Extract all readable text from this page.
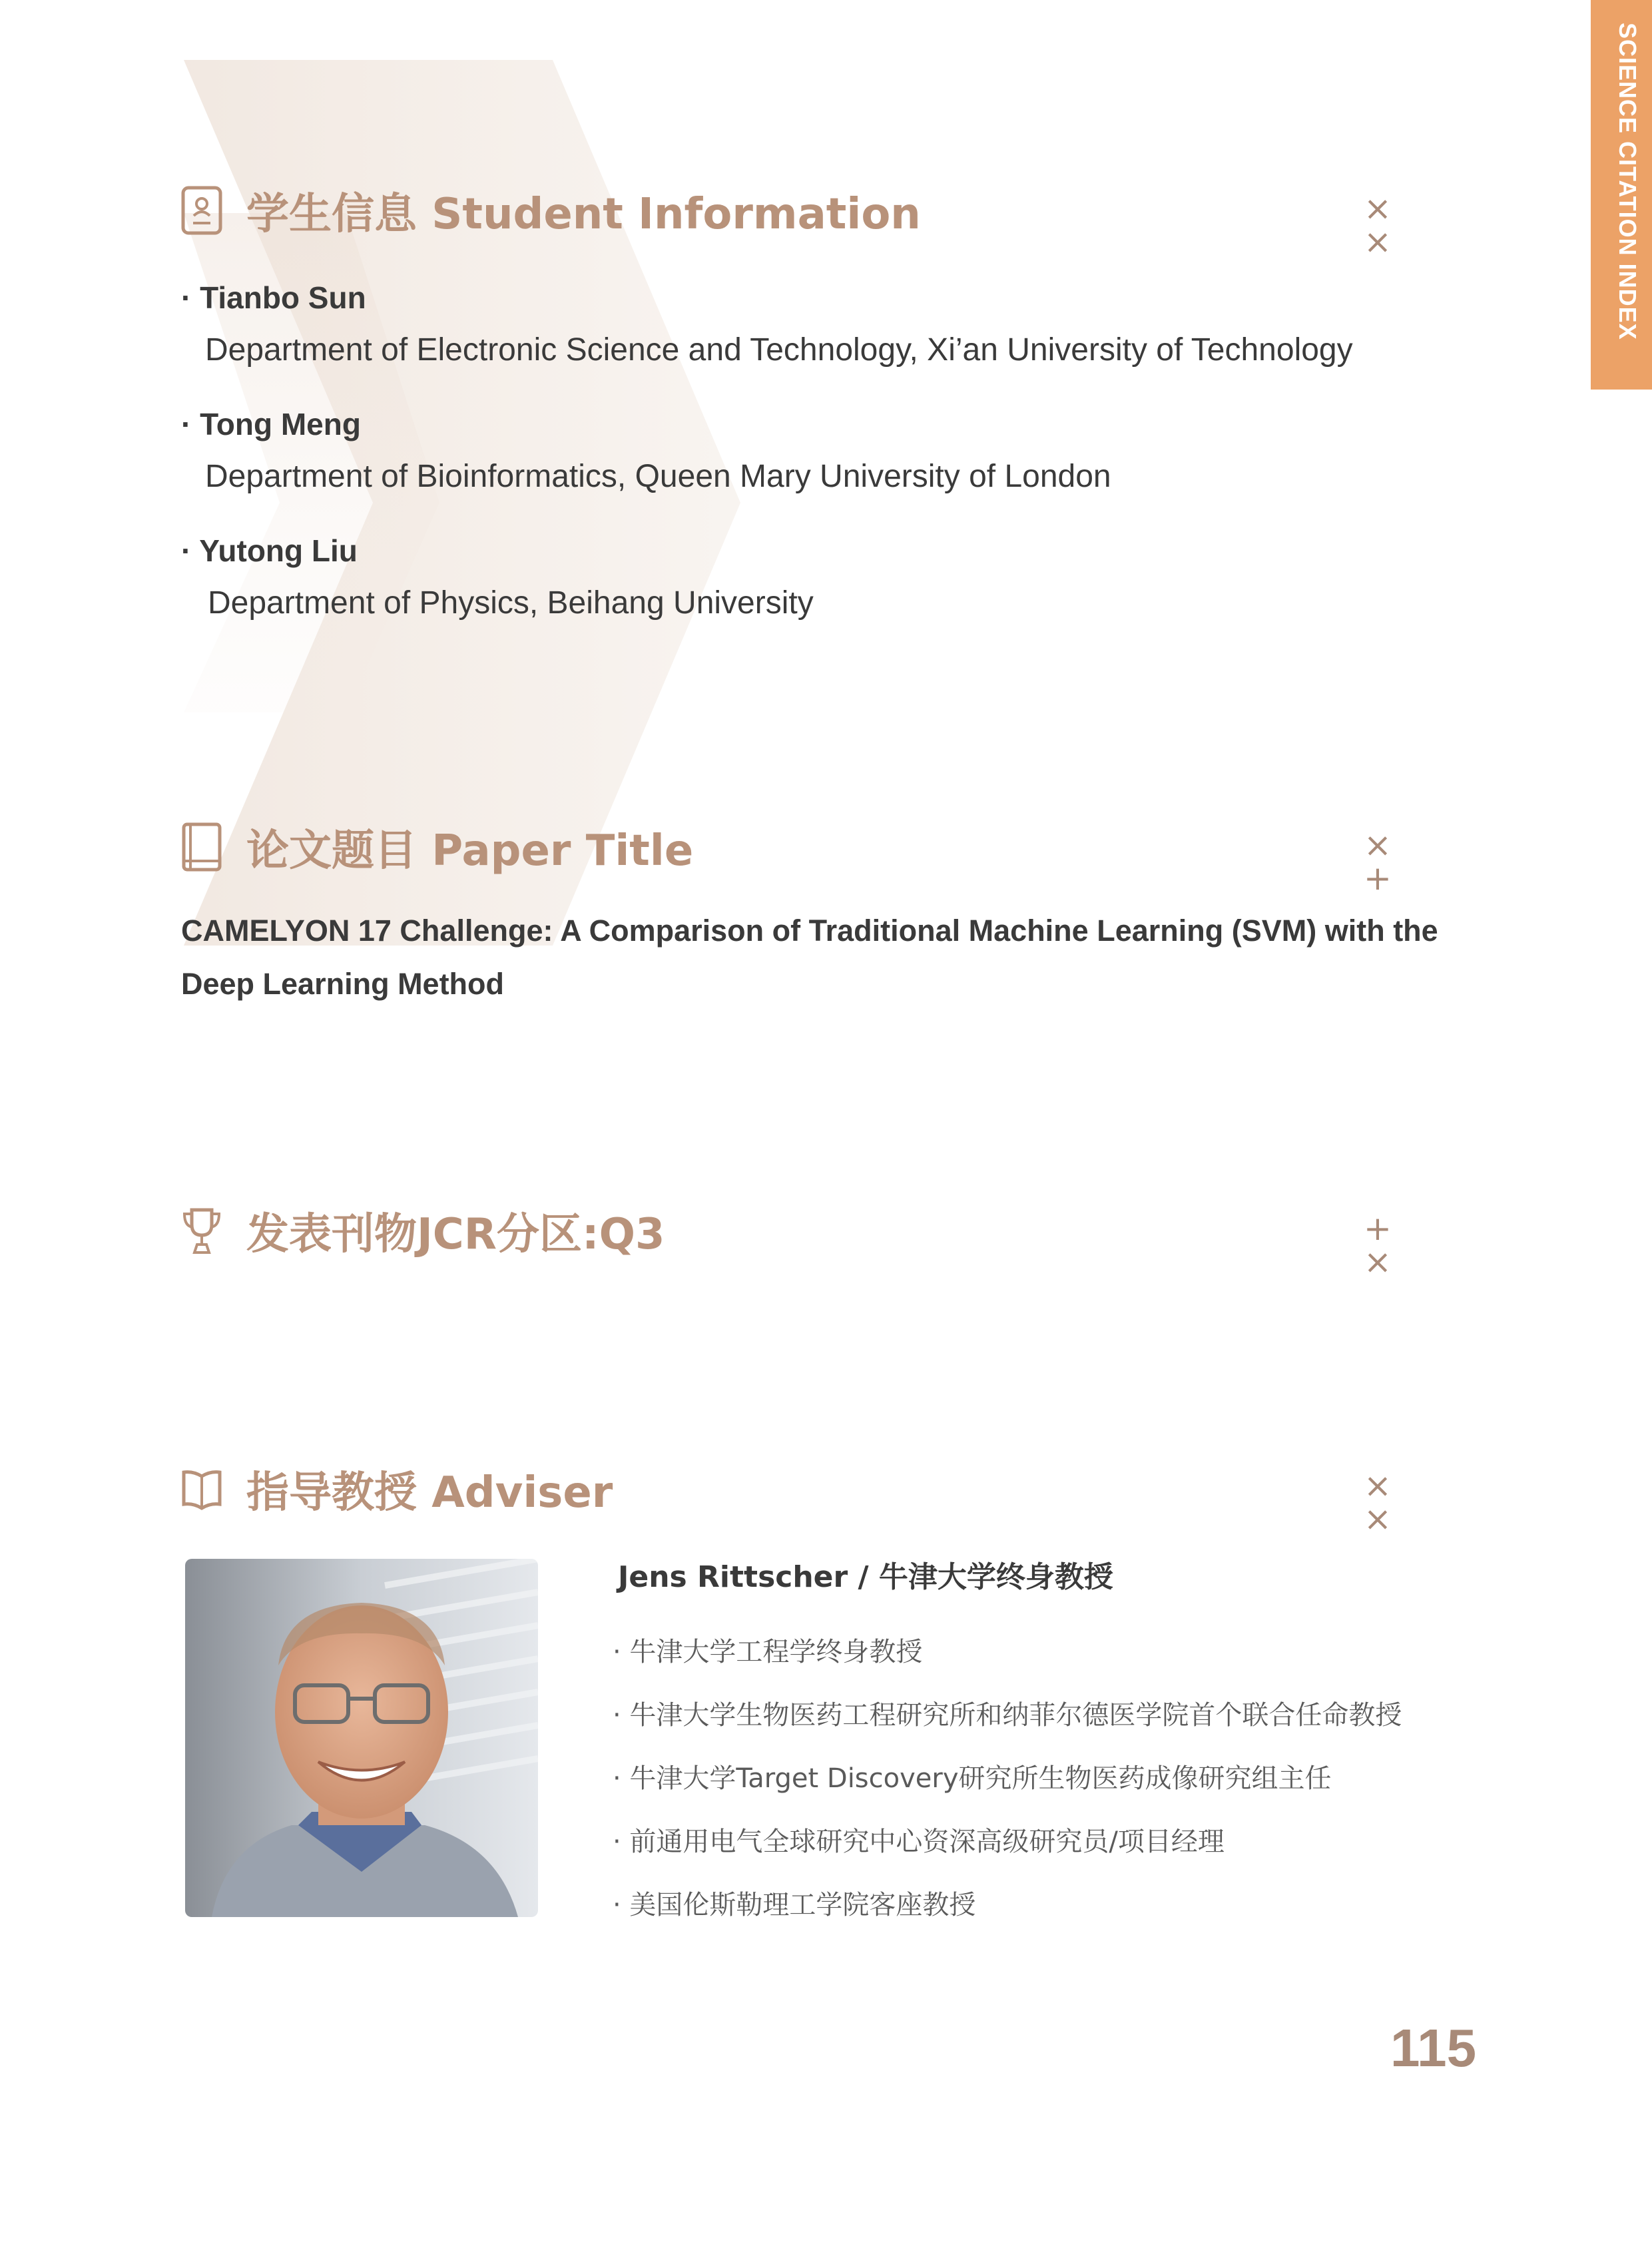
SCIENCE CITATION INDEX
学生信息 Student Information	× ×
· Tianbo Sun
Department of Electronic Science and Technology, Xi’an University of Technology
· Tong Meng
Department of Bioinformatics, Queen Mary University of London
· Yutong Liu
Department of Physics, Beihang University
论文题目 Paper Title	× +
CAMELYON 17 Challenge: A Comparison of Traditional Machine Learning (SVM) with the Deep Learning Method
发表刊物JCR分区:Q3	+ ×
指导教授 Adviser	× ×
Jens Rittscher / 牛津大学终身教授
· 牛津大学工程学终身教授
· 牛津大学生物医药工程研究所和纳菲尔德医学院首个联合任命教授
· 牛津大学Target Discovery研究所生物医药成像研究组主任
· 前通用电气全球研究中心资深高级研究员/项目经理
· 美国伦斯勒理工学院客座教授
115
